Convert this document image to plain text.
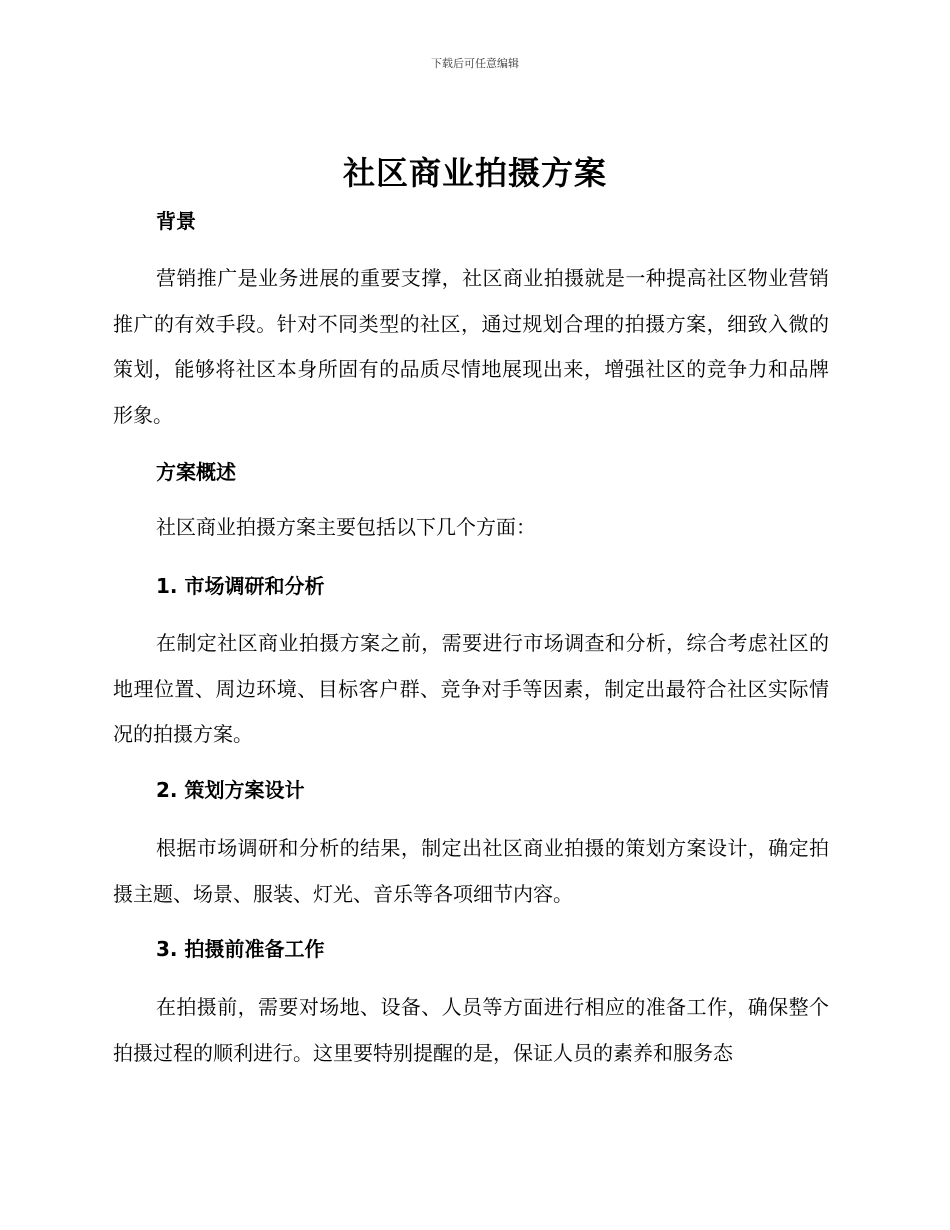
下载后可任意编辑
社区商业拍摄方案
背景

营销推广是业务进展的重要支撑，社区商业拍摄就是一种提高社区物业营销推广的有效手段。针对不同类型的社区，通过规划合理的拍摄方案，细致入微的策划，能够将社区本身所固有的品质尽情地展现出来，增强社区的竞争力和品牌形象。

方案概述

社区商业拍摄方案主要包括以下几个方面：

1. 市场调研和分析

在制定社区商业拍摄方案之前，需要进行市场调查和分析，综合考虑社区的地理位置、周边环境、目标客户群、竞争对手等因素，制定出最符合社区实际情况的拍摄方案。

2. 策划方案设计

根据市场调研和分析的结果，制定出社区商业拍摄的策划方案设计，确定拍摄主题、场景、服装、灯光、音乐等各项细节内容。

3. 拍摄前准备工作

在拍摄前，需要对场地、设备、人员等方面进行相应的准备工作，确保整个拍摄过程的顺利进行。这里要特别提醒的是，保证人员的素养和服务态
